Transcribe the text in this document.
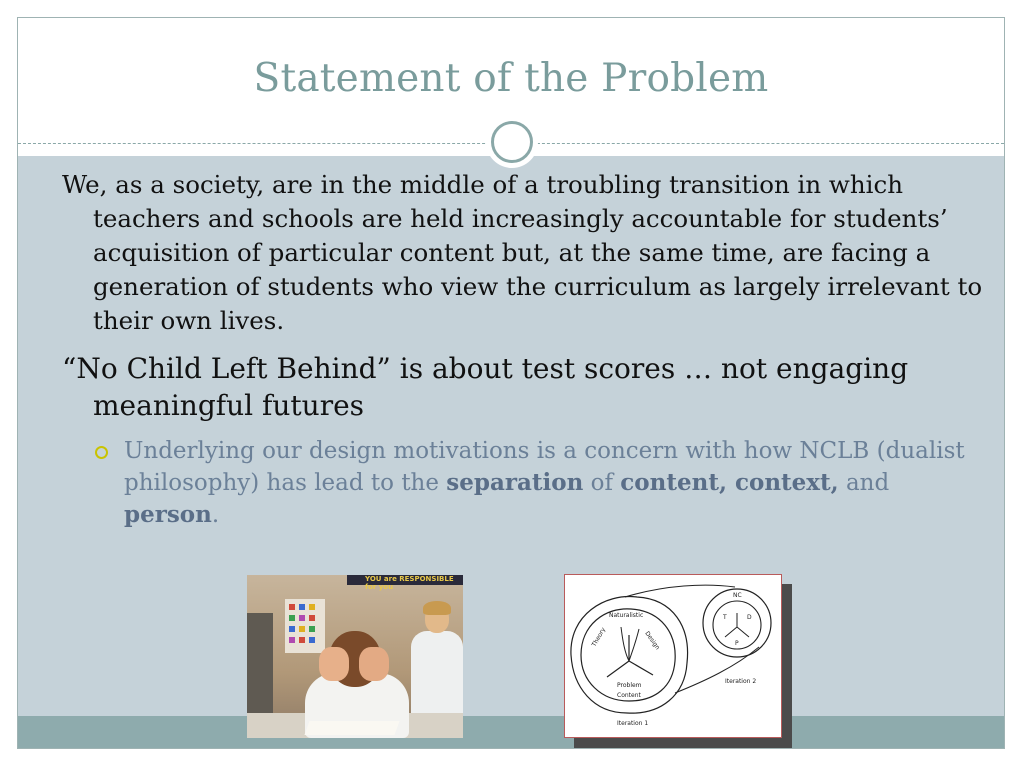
Statement of the Problem

We, as a society, are in the middle of a troubling transition in which teachers and schools are held increasingly accountable for students’ acquisition of particular content but, at the same time, are facing a generation of students who view the curriculum as largely irrelevant to their own lives.

“No Child Left Behind” is about test scores … not engaging meaningful futures

Underlying our design motivations is a concern with how NCLB (dualist philosophy) has lead to the separation of content, context, and person.
YOU are RESPONSIBLE for you
Naturalistic
Theory	Design
Problem
Content
Iteration 1
Iteration 2
NC
T	D
P
